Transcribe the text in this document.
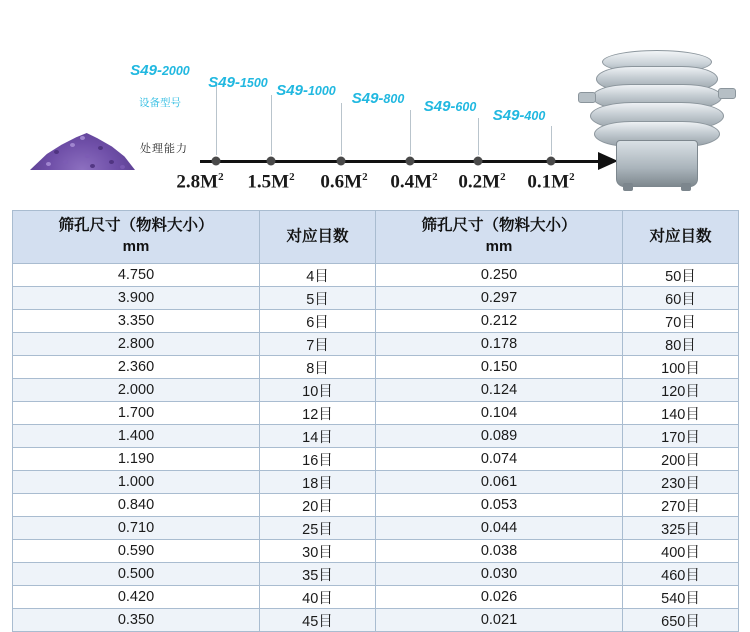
处理能力
设备型号
S49-2000
$2.8M^2$
S49-1500
$1.5M^2$
S49-1000
$0.6M^2$
S49-800
$0.4M^2$
S49-600
$0.2M^2$
S49-400
$0.1M^2$
筛孔尺寸（物料大小）
mm	对应目数	筛孔尺寸（物料大小）
mm	对应目数
4.750	4目	0.250	50目
3.900	5目	0.297	60目
3.350	6目	0.212	70目
2.800	7目	0.178	80目
2.360	8目	0.150	100目
2.000	10目	0.124	120目
1.700	12目	0.104	140目
1.400	14目	0.089	170目
1.190	16目	0.074	200目
1.000	18目	0.061	230目
0.840	20目	0.053	270目
0.710	25目	0.044	325目
0.590	30目	0.038	400目
0.500	35目	0.030	460目
0.420	40目	0.026	540目
0.350	45目	0.021	650目
